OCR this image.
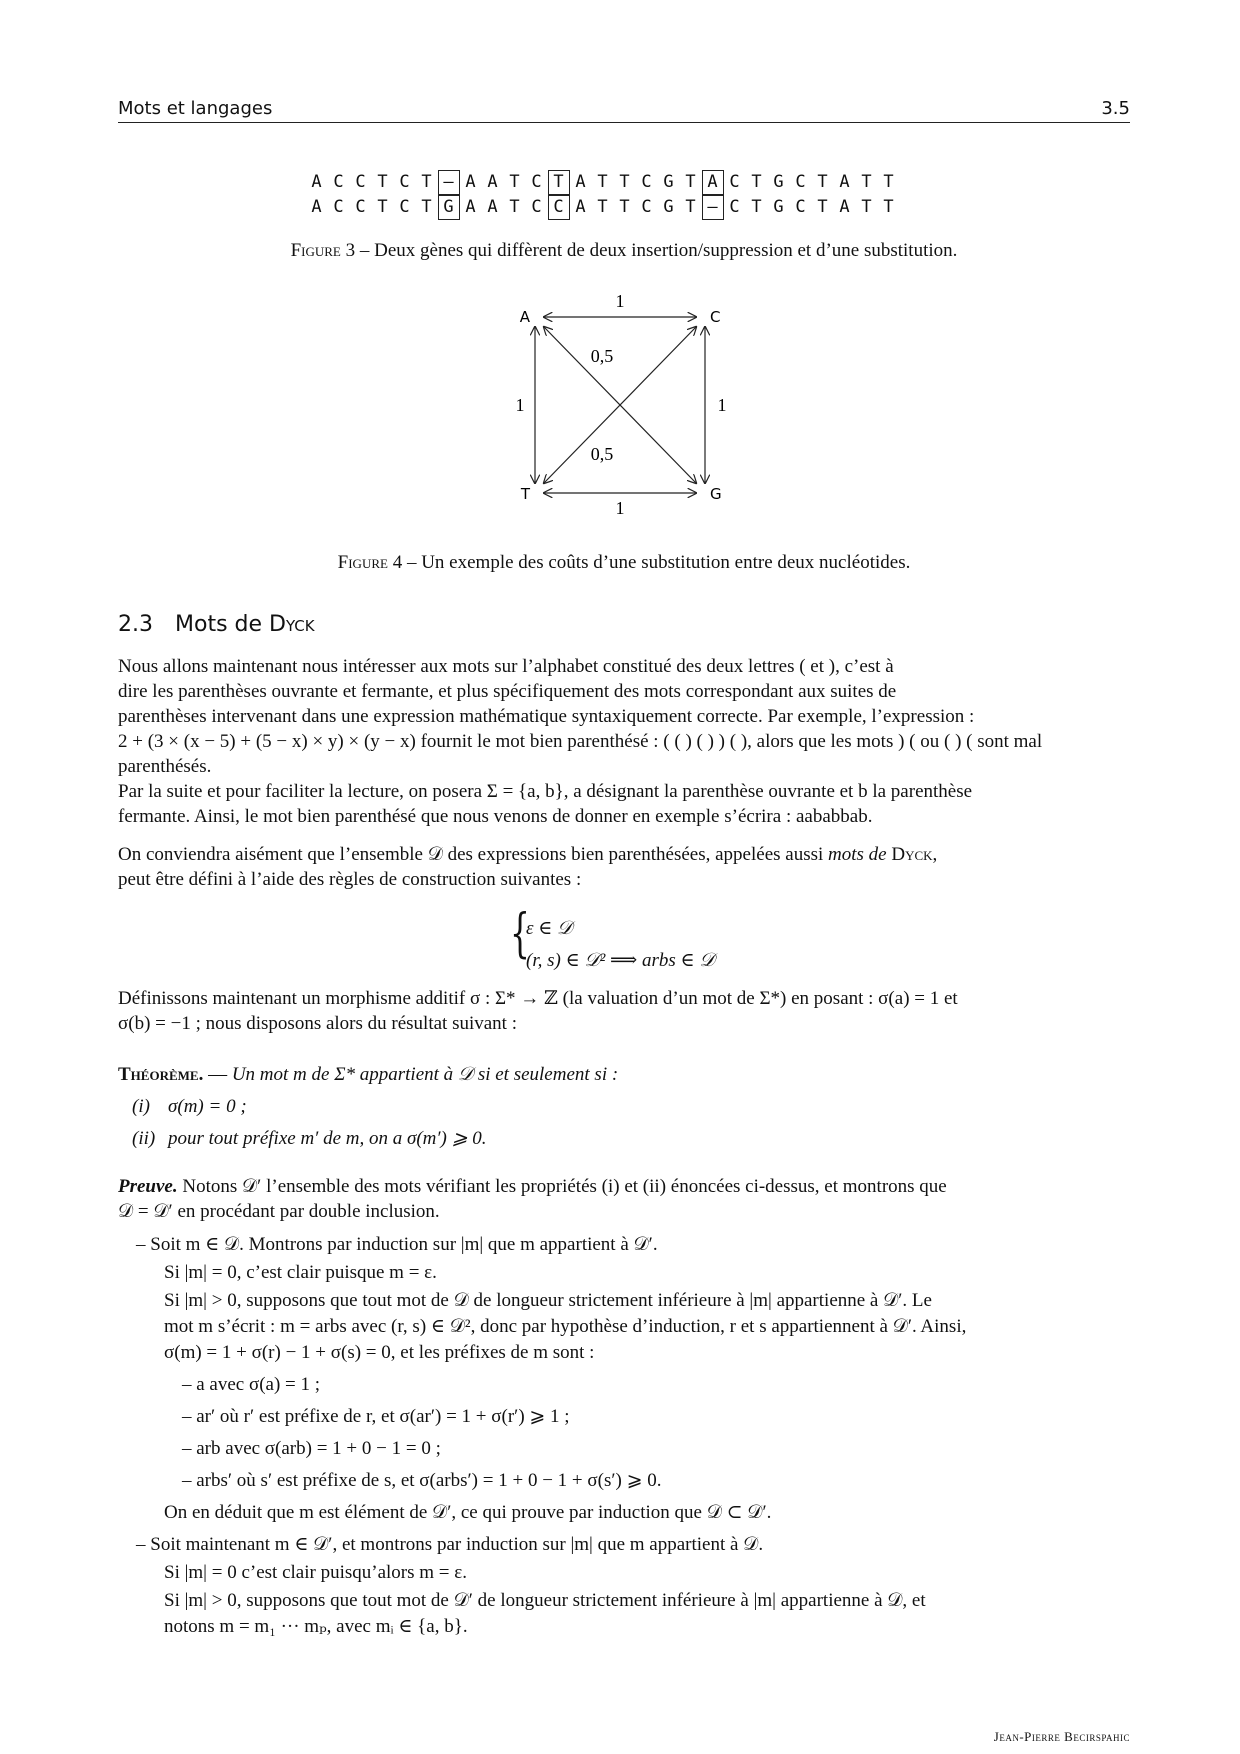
Mots et langages	3.5
A C C T C T – A A T C T A T T C G T A C T G C T A T T
A C C T C T G A A T C C A T T C G T – C T G C T A T T
Figure 3 – Deux gènes qui diffèrent de deux insertion/suppression et d’une substitution.
A	C
T	G
1
1
1	1
0,5
0,5
Figure 4 – Un exemple des coûts d’une substitution entre deux nucléotides.
2.3 Mots de Dyck

Nous allons maintenant nous intéresser aux mots sur l’alphabet constitué des deux lettres ( et ), c’est à

dire les parenthèses ouvrante et fermante, et plus spécifiquement des mots correspondant aux suites de

parenthèses intervenant dans une expression mathématique syntaxiquement correcte. Par exemple, l’expression :

2 + (3 × (x − 5) + (5 − x) × y) × (y − x) fournit le mot bien parenthésé : ( ( ) ( ) ) ( ), alors que les mots ) ( ou ( ) ( sont mal

parenthésés.

Par la suite et pour faciliter la lecture, on posera Σ = {a, b}, a désignant la parenthèse ouvrante et b la parenthèse

fermante. Ainsi, le mot bien parenthésé que nous venons de donner en exemple s’écrira : aababbab.

On conviendra aisément que l’ensemble 𝒟 des expressions bien parenthésées, appelées aussi mots de Dyck,

peut être défini à l’aide des règles de construction suivantes :

{
ε ∈ 𝒟
(r, s) ∈ 𝒟² ⟹ arbs ∈ 𝒟

Définissons maintenant un morphisme additif σ : Σ* → ℤ (la valuation d’un mot de Σ*) en posant : σ(a) = 1 et

σ(b) = −1 ; nous disposons alors du résultat suivant :

Théorème. — Un mot m de Σ* appartient à 𝒟 si et seulement si :
(i) σ(m) = 0 ;
(ii) pour tout préfixe m′ de m, on a σ(m′) ⩾ 0.

Preuve. Notons 𝒟′ l’ensemble des mots vérifiant les propriétés (i) et (ii) énoncées ci-dessus, et montrons que

𝒟 = 𝒟′ en procédant par double inclusion.

– Soit m ∈ 𝒟. Montrons par induction sur |m| que m appartient à 𝒟′.
Si |m| = 0, c’est clair puisque m = ε.
Si |m| > 0, supposons que tout mot de 𝒟 de longueur strictement inférieure à |m| appartienne à 𝒟′. Le
mot m s’écrit : m = arbs avec (r, s) ∈ 𝒟², donc par hypothèse d’induction, r et s appartiennent à 𝒟′. Ainsi,
σ(m) = 1 + σ(r) − 1 + σ(s) = 0, et les préfixes de m sont :
– a avec σ(a) = 1 ;
– ar′ où r′ est préfixe de r, et σ(ar′) = 1 + σ(r′) ⩾ 1 ;
– arb avec σ(arb) = 1 + 0 − 1 = 0 ;
– arbs′ où s′ est préfixe de s, et σ(arbs′) = 1 + 0 − 1 + σ(s′) ⩾ 0.
On en déduit que m est élément de 𝒟′, ce qui prouve par induction que 𝒟 ⊂ 𝒟′.
– Soit maintenant m ∈ 𝒟′, et montrons par induction sur |m| que m appartient à 𝒟.
Si |m| = 0 c’est clair puisqu’alors m = ε.
Si |m| > 0, supposons que tout mot de 𝒟′ de longueur strictement inférieure à |m| appartienne à 𝒟, et
notons m = m₁ ··· mₚ, avec mᵢ ∈ {a, b}.
Jean-Pierre Becirspahic
